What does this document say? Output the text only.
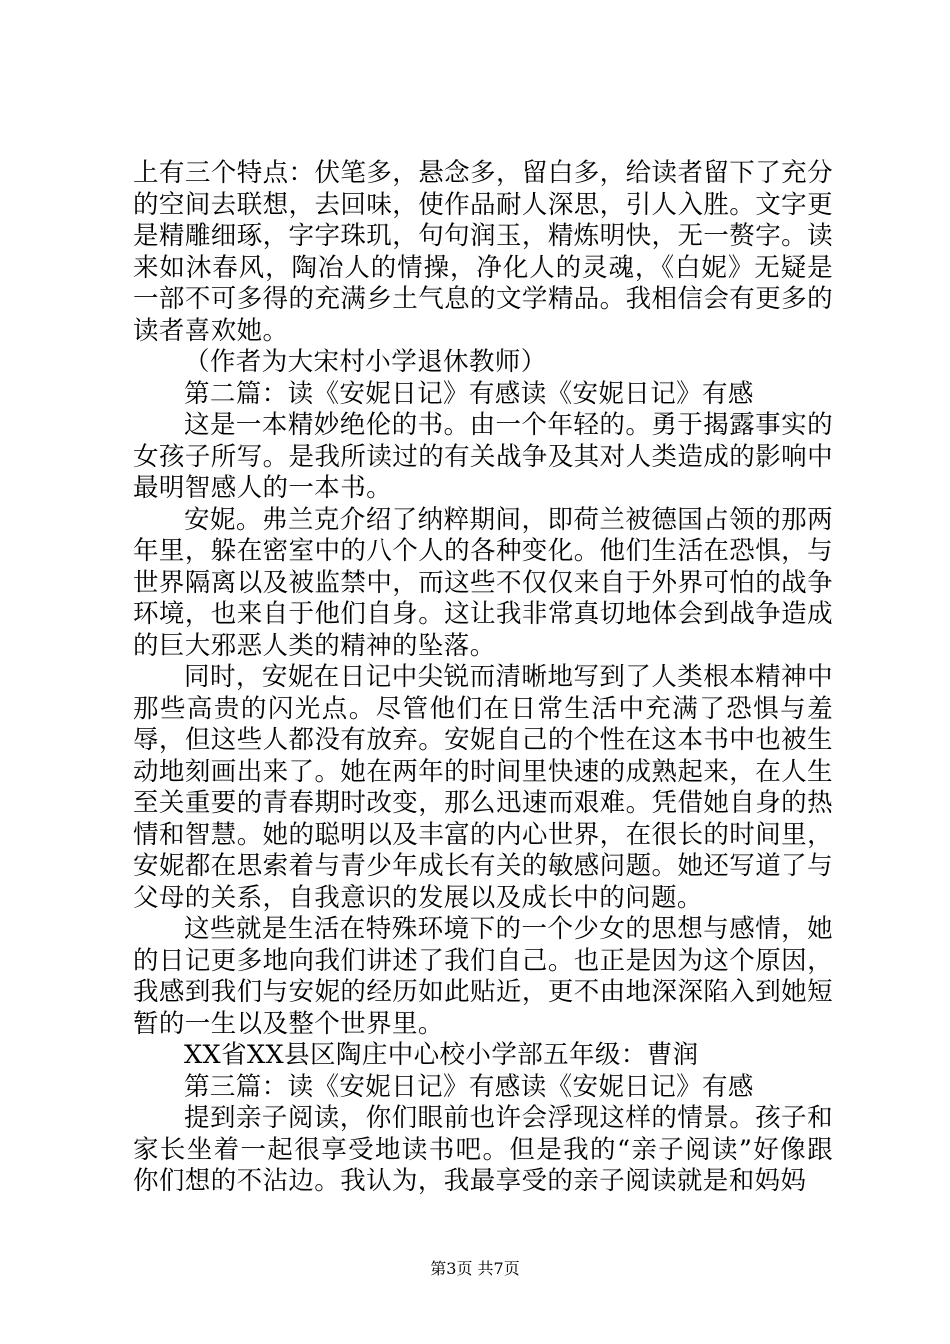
上有三个特点：伏笔多，悬念多，留白多，给读者留下了充分的空间去联想，去回味，使作品耐人深思，引人入胜。文字更是精雕细琢，字字珠玑，句句润玉，精炼明快，无一赘字。读来如沐春风，陶冶人的情操，净化人的灵魂，《白妮》无疑是一部不可多得的充满乡土气息的文学精品。我相信会有更多的读者喜欢她。

（作者为大宋村小学退休教师）

第二篇：读《安妮日记》有感读《安妮日记》有感

这是一本精妙绝伦的书。由一个年轻的。勇于揭露事实的女孩子所写。是我所读过的有关战争及其对人类造成的影响中最明智感人的一本书。

安妮。弗兰克介绍了纳粹期间，即荷兰被德国占领的那两年里，躲在密室中的八个人的各种变化。他们生活在恐惧，与世界隔离以及被监禁中，而这些不仅仅来自于外界可怕的战争环境，也来自于他们自身。这让我非常真切地体会到战争造成的巨大邪恶人类的精神的坠落。

同时，安妮在日记中尖锐而清晰地写到了人类根本精神中那些高贵的闪光点。尽管他们在日常生活中充满了恐惧与羞辱，但这些人都没有放弃。安妮自己的个性在这本书中也被生动地刻画出来了。她在两年的时间里快速的成熟起来，在人生至关重要的青春期时改变，那么迅速而艰难。凭借她自身的热情和智慧。她的聪明以及丰富的内心世界，在很长的时间里，安妮都在思索着与青少年成长有关的敏感问题。她还写道了与父母的关系，自我意识的发展以及成长中的问题。

这些就是生活在特殊环境下的一个少女的思想与感情，她的日记更多地向我们讲述了我们自己。也正是因为这个原因，我感到我们与安妮的经历如此贴近，更不由地深深陷入到她短暂的一生以及整个世界里。

XX省XX县区陶庄中心校小学部五年级：曹润

第三篇：读《安妮日记》有感读《安妮日记》有感

提到亲子阅读，你们眼前也许会浮现这样的情景。孩子和家长坐着一起很享受地读书吧。但是我的“亲子阅读”好像跟你们想的不沾边。我认为，我最享受的亲子阅读就是和妈妈

第3页 共7页
